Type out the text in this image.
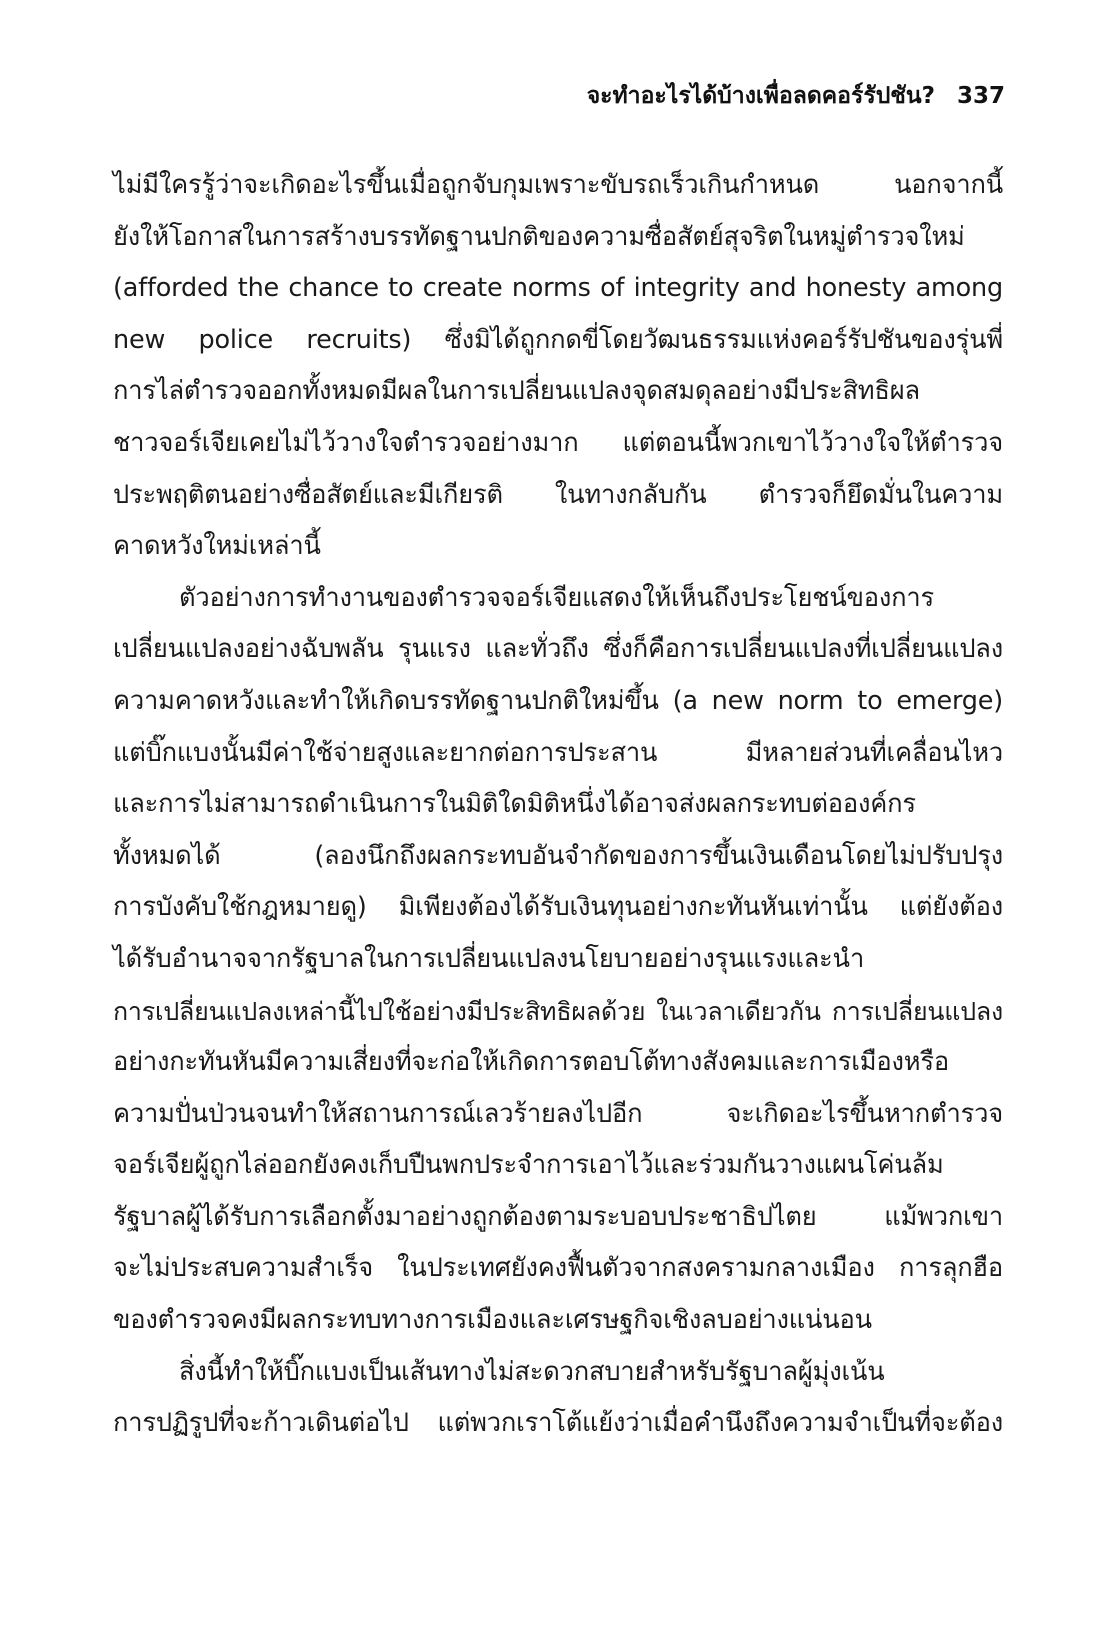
จะทำอะไรได้บ้างเพื่อลดคอร์รัปชัน? 337
ไม่มีใครรู้ว่าจะเกิดอะไรขึ้นเมื่อถูกจับกุมเพราะขับรถเร็วเกินกำหนด นอกจากนี้
ยังให้โอกาสในการสร้างบรรทัดฐานปกติของความซื่อสัตย์สุจริตในหมู่ตำรวจใหม่
(afforded the chance to create norms of integrity and honesty among
new police recruits) ซึ่งมิได้ถูกกดขี่โดยวัฒนธรรมแห่งคอร์รัปชันของรุ่นพี่
การไล่ตำรวจออกทั้งหมดมีผลในการเปลี่ยนแปลงจุดสมดุลอย่างมีประสิทธิผล
ชาวจอร์เจียเคยไม่ไว้วางใจตำรวจอย่างมาก แต่ตอนนี้พวกเขาไว้วางใจให้ตำรวจ
ประพฤติตนอย่างซื่อสัตย์และมีเกียรติ ในทางกลับกัน ตำรวจก็ยึดมั่นในความ
คาดหวังใหม่เหล่านี้
ตัวอย่างการทำงานของตำรวจจอร์เจียแสดงให้เห็นถึงประโยชน์ของการ
เปลี่ยนแปลงอย่างฉับพลัน รุนแรง และทั่วถึง ซึ่งก็คือการเปลี่ยนแปลงที่เปลี่ยนแปลง
ความคาดหวังและทำให้เกิดบรรทัดฐานปกติใหม่ขึ้น (a new norm to emerge)
แต่บิ๊กแบงนั้นมีค่าใช้จ่ายสูงและยากต่อการประสาน มีหลายส่วนที่เคลื่อนไหว
และการไม่สามารถดำเนินการในมิติใดมิติหนึ่งได้อาจส่งผลกระทบต่อองค์กร
ทั้งหมดได้ (ลองนึกถึงผลกระทบอันจำกัดของการขึ้นเงินเดือนโดยไม่ปรับปรุง
การบังคับใช้กฎหมายดู) มิเพียงต้องได้รับเงินทุนอย่างกะทันหันเท่านั้น แต่ยังต้อง
ได้รับอำนาจจากรัฐบาลในการเปลี่ยนแปลงนโยบายอย่างรุนแรงและนำ
การเปลี่ยนแปลงเหล่านี้ไปใช้อย่างมีประสิทธิผลด้วย ในเวลาเดียวกัน การเปลี่ยนแปลง
อย่างกะทันหันมีความเสี่ยงที่จะก่อให้เกิดการตอบโต้ทางสังคมและการเมืองหรือ
ความปั่นป่วนจนทำให้สถานการณ์เลวร้ายลงไปอีก จะเกิดอะไรขึ้นหากตำรวจ
จอร์เจียผู้ถูกไล่ออกยังคงเก็บปืนพกประจำการเอาไว้และร่วมกันวางแผนโค่นล้ม
รัฐบาลผู้ได้รับการเลือกตั้งมาอย่างถูกต้องตามระบอบประชาธิปไตย แม้พวกเขา
จะไม่ประสบความสำเร็จ ในประเทศยังคงฟื้นตัวจากสงครามกลางเมือง การลุกฮือ
ของตำรวจคงมีผลกระทบทางการเมืองและเศรษฐกิจเชิงลบอย่างแน่นอน
สิ่งนี้ทำให้บิ๊กแบงเป็นเส้นทางไม่สะดวกสบายสำหรับรัฐบาลผู้มุ่งเน้น
การปฏิรูปที่จะก้าวเดินต่อไป แต่พวกเราโต้แย้งว่าเมื่อคำนึงถึงความจำเป็นที่จะต้อง
